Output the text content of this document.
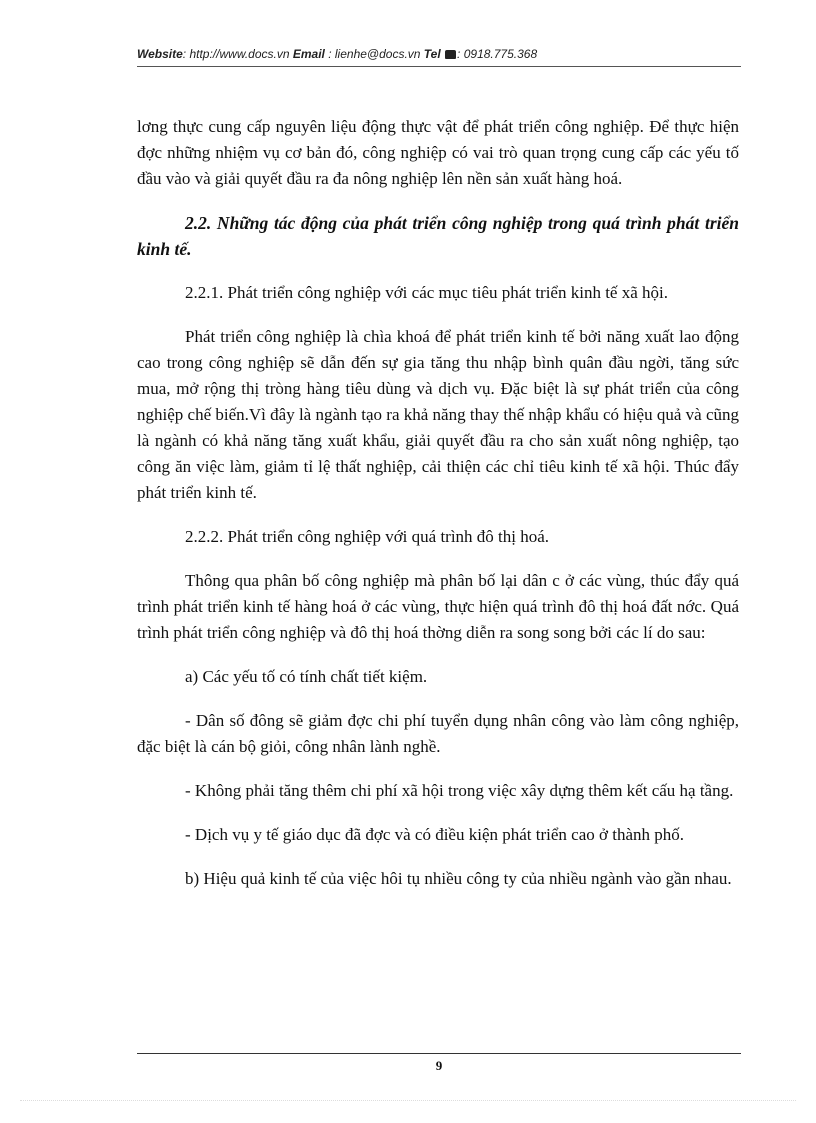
Website: http://www.docs.vn Email : lienhe@docs.vn Tel : 0918.775.368

lơng thực cung cấp nguyên liệu động thực vật để phát triển công nghiệp. Để thực hiện đợc những nhiệm vụ cơ bản đó, công nghiệp có vai trò quan trọng cung cấp các yếu tố đầu vào và giải quyết đầu ra đa nông nghiệp lên nền sản xuất hàng hoá.

2.2. Những tác động của phát triển công nghiệp trong quá trình phát triển kinh tế.

2.2.1. Phát triển công nghiệp với các mục tiêu phát triển kinh tế xã hội.

Phát triển công nghiệp là chìa khoá để phát triển kinh tế bởi năng xuất lao động cao trong công nghiệp sẽ dẫn đến sự gia tăng thu nhập bình quân đầu ngời, tăng sức mua, mở rộng thị tròng hàng tiêu dùng và dịch vụ. Đặc biệt là sự phát triển của công nghiệp chế biến.Vì đây là ngành tạo ra khả năng thay thế nhập khẩu có hiệu quả và cũng là ngành có khả năng tăng xuất khẩu, giải quyết đầu ra cho sản xuất nông nghiệp, tạo công ăn việc làm, giảm tỉ lệ thất nghiệp, cải thiện các chỉ tiêu kinh tế xã hội. Thúc đẩy phát triển kinh tế.

2.2.2. Phát triển công nghiệp với quá trình đô thị hoá.

Thông qua phân bố công nghiệp mà phân bố lại dân c ở các vùng, thúc đẩy quá trình phát triển kinh tế hàng hoá ở các vùng, thực hiện quá trình đô thị hoá đất nớc. Quá trình phát triển công nghiệp và đô thị hoá thờng diễn ra song song bởi các lí do sau:

a) Các yếu tố có tính chất tiết kiệm.

- Dân số đông sẽ giảm đợc chi phí tuyển dụng nhân công vào làm công nghiệp, đặc biệt là cán bộ giỏi, công nhân lành nghề.

- Không phải tăng thêm chi phí xã hội trong việc xây dựng thêm kết cấu hạ tầng.

- Dịch vụ y tế giáo dục đã đợc và có điều kiện phát triển cao ở thành phố.

b) Hiệu quả kinh tế của việc hôi tụ nhiều công ty của nhiều ngành vào gần nhau.

9
